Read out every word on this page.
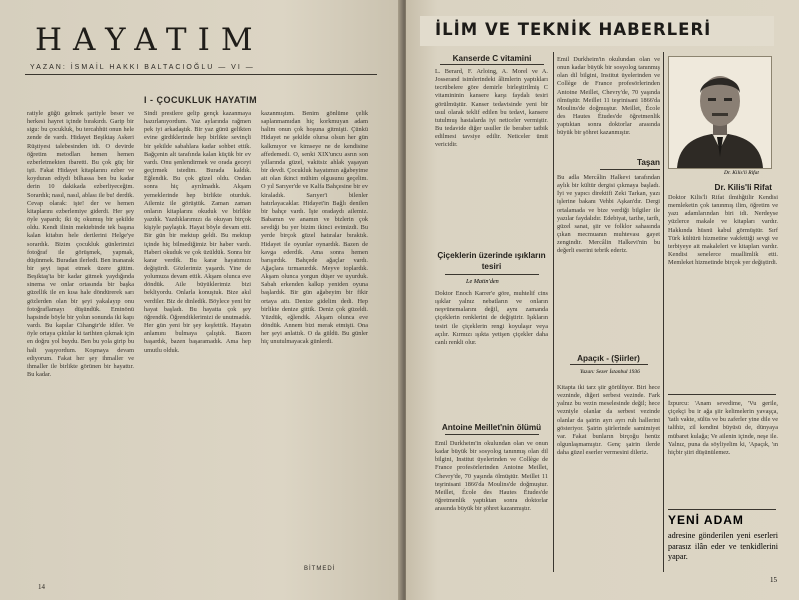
HAYATIM
YAZAN: İSMAİL HAKKI BALTACIOĞLU — VI —
I - ÇOCUKLUK HAYATIM
ratiyle güğü gelmek şartiyle beser ve herkesi hayret içinde bırakırdı. Garip bir sigu: bu çocukluk, bu tercahhüt onun hele zende de vardı. Hidayet Beşiktaş Askeri Rüştiyesi talebesinden idi. O devirde öğretim metodları hemen hemen ezberletmekten ibaretti. Bu çok güç bir işti. Fakat Hidayet kitaplarını ezber ve koyduran ediydi bilhassa ben bu kadar derin 10 dakikada ezberliyeceğim. Sorardık; nasıl, nasıl, ablası ile bu! derdik. Cevap olarak: işte! der ve hemen kitaplarını ezberlemiye giderdi. Her şey öyle yapardı; iki üç okumuş bir şekilde oldu. Kendi ilinin mektebinde tek başına kalan kitabın hele dertlerini Helge'ye sorardık. Bizim çocukluk günlerimizi fotoğraf ile görüşmek, yapmak, düşünmek. Buradan ilerledi. Ben inanarak bir şeyi ispat etmek üzere gittim. Beşiktaş'ta bir kadar gitmek yaydığında sinema ve onlar ortasında bir başka güzellik ile en kısa hale döndürerek sarı gözlerden olan bir şeyi yakalayıp onu fotoğraflamayı düşündük. Eminönü hapsinde böyle bir yolun sonunda iki kapı vardı. Bu kapılar Cihangir'de idiler. Ve öyle ortaya çıktılar ki tarihten çıkmak için en doğru yol buydu. Ben bu yola girip bu hali yaşıyordum. Koşmaya devam ediyorum. Fakat her şey ihmaller ve ihmaller ile birlikte görünen bir hayattır. Bu kadar.
Sindi prestlere gelip gençk kazanmaya hazırlanıyordum. Yaz aylarında rağmen pek iyi arkadaştık. Bir yaz günü gelikten evine girdiklerinde hep birlikte sevinçli bir şekilde sabahlara kadar sohbet ettik. Bağçenin alt tarafında kalan küçük bir ev vardı. Onu şenlendirmek ve orada geceyi geçirmek istedim. Burada kaldık. Eğlendik. Bu çok güzel oldu. Ondan sonra hiç ayrılmadık. Akşam yemeklerinde hep birlikte oturduk. Ailemiz ile görüştük. Zaman zaman onların kitaplarını okuduk ve birlikte yazdık. Yazdıklarımızı da okuyan birçok kişiyle paylaştık. Hayat böyle devam etti. Bir gün bir mektup geldi. Bu mektup içinde hiç bilmediğimiz bir haber vardı. Haberi okuduk ve çok üzüldük. Sonra bir karar verdik. Bu karar hayatımızı değiştirdi. Gözlerimiz yaşardı. Yine de yolumuza devam ettik. Akşam olunca eve döndük. Aile büyüklerimiz bizi bekliyordu. Onlarla konuştuk. Bize akıl verdiler. Biz de dinledik. Böylece yeni bir hayat başladı. Bu hayatta çok şey öğrendik. Öğrendiklerimizi de unutmadık. Her gün yeni bir şey keşfettik. Hayatın anlamını bulmaya çalıştık. Bazen başardık, bazen başaramadık. Ama hep umutlu olduk.
kazanmıştım. Benim gönlüme çelik saplanmamıdan hiç korkmuyan adam halim onun çok hoşuna gitmişti. Çünkü Hidayet ne şekilde olursa olsun her gün kalkmıyor ve kimseye ne de kendisine affedemedi. O, senki XIX'uncu asrın son yıllarında güzel, vakitsiz ahlak yaşayan bir devdi. Çocukluk hayatımın ağabeyime ait olan ikinci mühim olgusunu geçelim. O yıl Sarıyer'de ve Kalfa Bahçesine bir ev kiraladık. Sarıyer'i bilenler hatırlayacaklar. Hidayet'in Bağlı denilen bir bahçe vardı. İşte oradaydı ailemiz. Babamın ve anamın ve bizlerin çok sevdiği bu yer bizim ikinci evimizdi. Bu yerde birçok güzel hatıralar bıraktık. Hidayet ile oyunlar oynardık. Bazen de kavga ederdik. Ama sonra hemen barışırdık. Bahçede ağaçlar vardı. Ağaçlara tırmanırdık. Meyve toplardık. Akşam olunca yorgun düşer ve uyurduk. Sabah erkenden kalkıp yeniden oyuna başlardık. Bir gün ağabeyim bir fikir ortaya attı. Denize gidelim dedi. Hep birlikte denize gittik. Deniz çok güzeldi. Yüzdük, eğlendik. Akşam olunca eve döndük. Annem bizi merak etmişti. Ona her şeyi anlattık. O da güldü. Bu günler hiç unutulmayacak günlerdi.
BİTMEDİ
14
İLİM VE TEKNİK HABERLERİ
Kanserde C vitamini
L. Berard, F. Arloing, A. Morel ve A. Josserand isimlerindeki âlimlerin yaptıkları tecrübelere göre demirle birleştirilmiş C vitamininin kansere karşı faydalı tesiri görülmüştür. Kanser tedavisinde yeni bir usul olarak teklif edilen bu tedavi, kansere tutulmuş hastalarda iyi neticeler vermiştir. Bu tedavide diğer usuller ile beraber tatbik edilmesi tavsiye edilir. Neticeler ümit vericidir.
Çiçeklerin üzerinde ışıkların tesiri
Le Matin'den
Doktor Enoch Karrer'e göre, muhtelif cins ışıklar yalnız nebatların ve onların neşvünemalarını değil, aynı zamanda çiçeklerin renklerini de değiştirir. Işıkların tesiri ile çiçeklerin rengi koyulaşır veya açılır. Kırmızı ışıkta yetişen çiçekler daha canlı renkli olur.
Antoine Meillet'nin ölümü
Emil Durkheim'in okulundan olan ve onun kadar büyük bir sosyolog tanınmış olan dil bilgini, Institut üyelerinden ve Collège de France profesörlerinden Antoine Meillet, Chevry'de, 70 yaşında ölmüştür. Meillet 11 teşrinisani 1866'da Moulins'de doğmuştur. Meillet, École des Hautes Études'de öğretmenlik yaptıktan sonra doktorlar arasında büyük bir şöhret kazanmıştır.
Emil Durkheim'in okulundan olan ve onun kadar büyük bir sosyolog tanınmış olan dil bilgini, Institut üyelerinden ve Collège de France profesörlerinden Antoine Meillet, Chevry'de, 70 yaşında ölmüştür. Meillet 11 teşrinisani 1866'da Moulins'de doğmuştur. Meillet, École des Hautes Études'de öğretmenlik yaptıktan sonra doktorlar arasında büyük bir şöhret kazanmıştır.
Taşan
Bu adla Mercâlin Halkevi tarafından aylık bir kültür dergisi çıkmaya başladı. İyi ve yapıcı direktifi Zeki Tarkan, yazı işlerine bakanı Vehbi Aşkan'dır. Dergi ortalamada ve bize verdiği bilgiler ile yazılar faydalıdır. Edebiyat, tarihe, tarih, güzel sanat, şiir ve folklor sahasında çıkan mecmuanın muhtevası gayet zengindir. Mercâlin Halkevi'nin bu değerli eserini tebrik ederiz.
Apaçık - (Şiirler)
Yazan: Sezer İstanbul 1936
Kitapta iki tarz şiir görülüyor. Biri hece vezninde, diğeri serbest vezinde. Fark yalnız bu vezin meselesinde değil; hece vezniyle olanlar da serbest vezinde olanlar da şairin ayrı ayrı ruh hallerini gösteriyor. Şairin şiirlerinde samimiyet var. Fakat bunların birçoğu henüz olgunlaşmamıştır. Genç şairin ilerde daha güzel eserler vermesini dileriz.
Dr. Kilis'li Rifat
Dr. Kilis'li Rifat
Doktor Kilis'li Rifat ilmihğtilir Kendisi memleketin çok tanınmış ilim, öğretim ve yazı adamlarından biri idi. Nerdeyse yüzlerce makale ve kitapları vardır. Hakkında hüsnü kabul görmüştür. Sırf Türk kültürü hizmetine vakfettiği sevgi ve terbiyeye ait makaleleri ve kitapları vardır. Kendisi senelerce muallimlik etti. Memleket hizmetinde birçok yer değiştirdi.
İzpurcu: 'Anam sevedime, 'Vu gerile, çiçekçi bu ir ağa şiir kelimelerin yavaşça, 'tatlı vakte, sülüs ve bu zaferler yine dile ve talihiz, zil kendini büyüsü de, dünyaya mübaret kulağa; Ve ailenin içinde, neşe ile. Yalnız, puna da söyliyelim ki, 'Apaçık, 'ın hiçbir şiiri düşünülemez.
YENİ ADAM
adresine gönderilen yeni eserleri parasız ilân eder ve tenkidlerini yapar.
15
